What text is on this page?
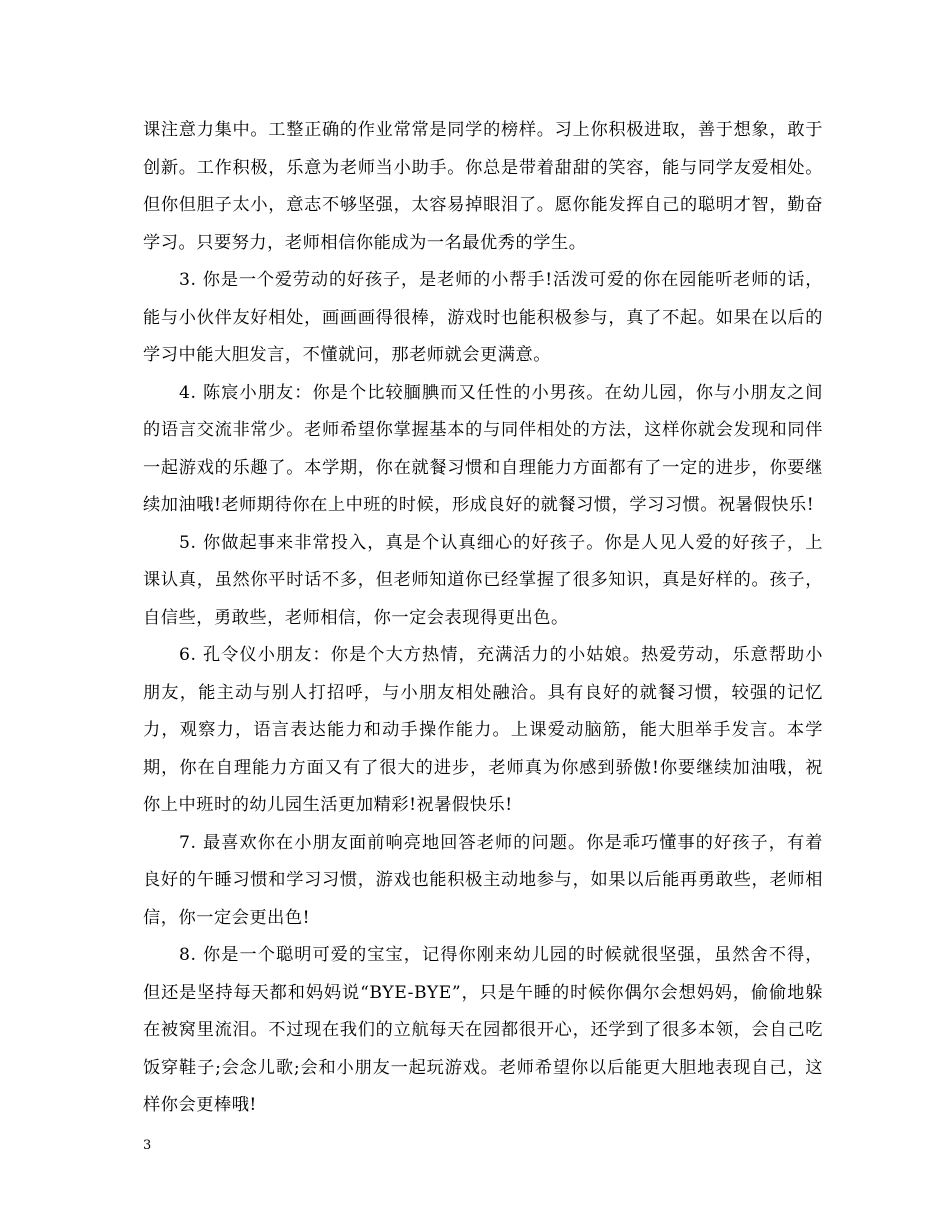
课注意力集中。工整正确的作业常常是同学的榜样。习上你积极进取，善于想象，敢于创新。工作积极，乐意为老师当小助手。你总是带着甜甜的笑容，能与同学友爱相处。但你但胆子太小，意志不够坚强，太容易掉眼泪了。愿你能发挥自己的聪明才智，勤奋学习。只要努力，老师相信你能成为一名最优秀的学生。

3. 你是一个爱劳动的好孩子，是老师的小帮手!活泼可爱的你在园能听老师的话，能与小伙伴友好相处，画画画得很棒，游戏时也能积极参与，真了不起。如果在以后的学习中能大胆发言，不懂就问，那老师就会更满意。

4. 陈宸小朋友：你是个比较腼腆而又任性的小男孩。在幼儿园，你与小朋友之间的语言交流非常少。老师希望你掌握基本的与同伴相处的方法，这样你就会发现和同伴一起游戏的乐趣了。本学期，你在就餐习惯和自理能力方面都有了一定的进步，你要继续加油哦!老师期待你在上中班的时候，形成良好的就餐习惯，学习习惯。祝暑假快乐!

5. 你做起事来非常投入，真是个认真细心的好孩子。你是人见人爱的好孩子，上课认真，虽然你平时话不多，但老师知道你已经掌握了很多知识，真是好样的。孩子，自信些，勇敢些，老师相信，你一定会表现得更出色。

6. 孔令仪小朋友：你是个大方热情，充满活力的小姑娘。热爱劳动，乐意帮助小朋友，能主动与别人打招呼，与小朋友相处融洽。具有良好的就餐习惯，较强的记忆力，观察力，语言表达能力和动手操作能力。上课爱动脑筋，能大胆举手发言。本学期，你在自理能力方面又有了很大的进步，老师真为你感到骄傲!你要继续加油哦，祝你上中班时的幼儿园生活更加精彩!祝暑假快乐!

7. 最喜欢你在小朋友面前响亮地回答老师的问题。你是乖巧懂事的好孩子，有着良好的午睡习惯和学习习惯，游戏也能积极主动地参与，如果以后能再勇敢些，老师相信，你一定会更出色!

8. 你是一个聪明可爱的宝宝，记得你刚来幼儿园的时候就很坚强，虽然舍不得，但还是坚持每天都和妈妈说“BYE-BYE”，只是午睡的时候你偶尔会想妈妈，偷偷地躲在被窝里流泪。不过现在我们的立航每天在园都很开心，还学到了很多本领，会自己吃饭穿鞋子;会念儿歌;会和小朋友一起玩游戏。老师希望你以后能更大胆地表现自己，这样你会更棒哦!

3
